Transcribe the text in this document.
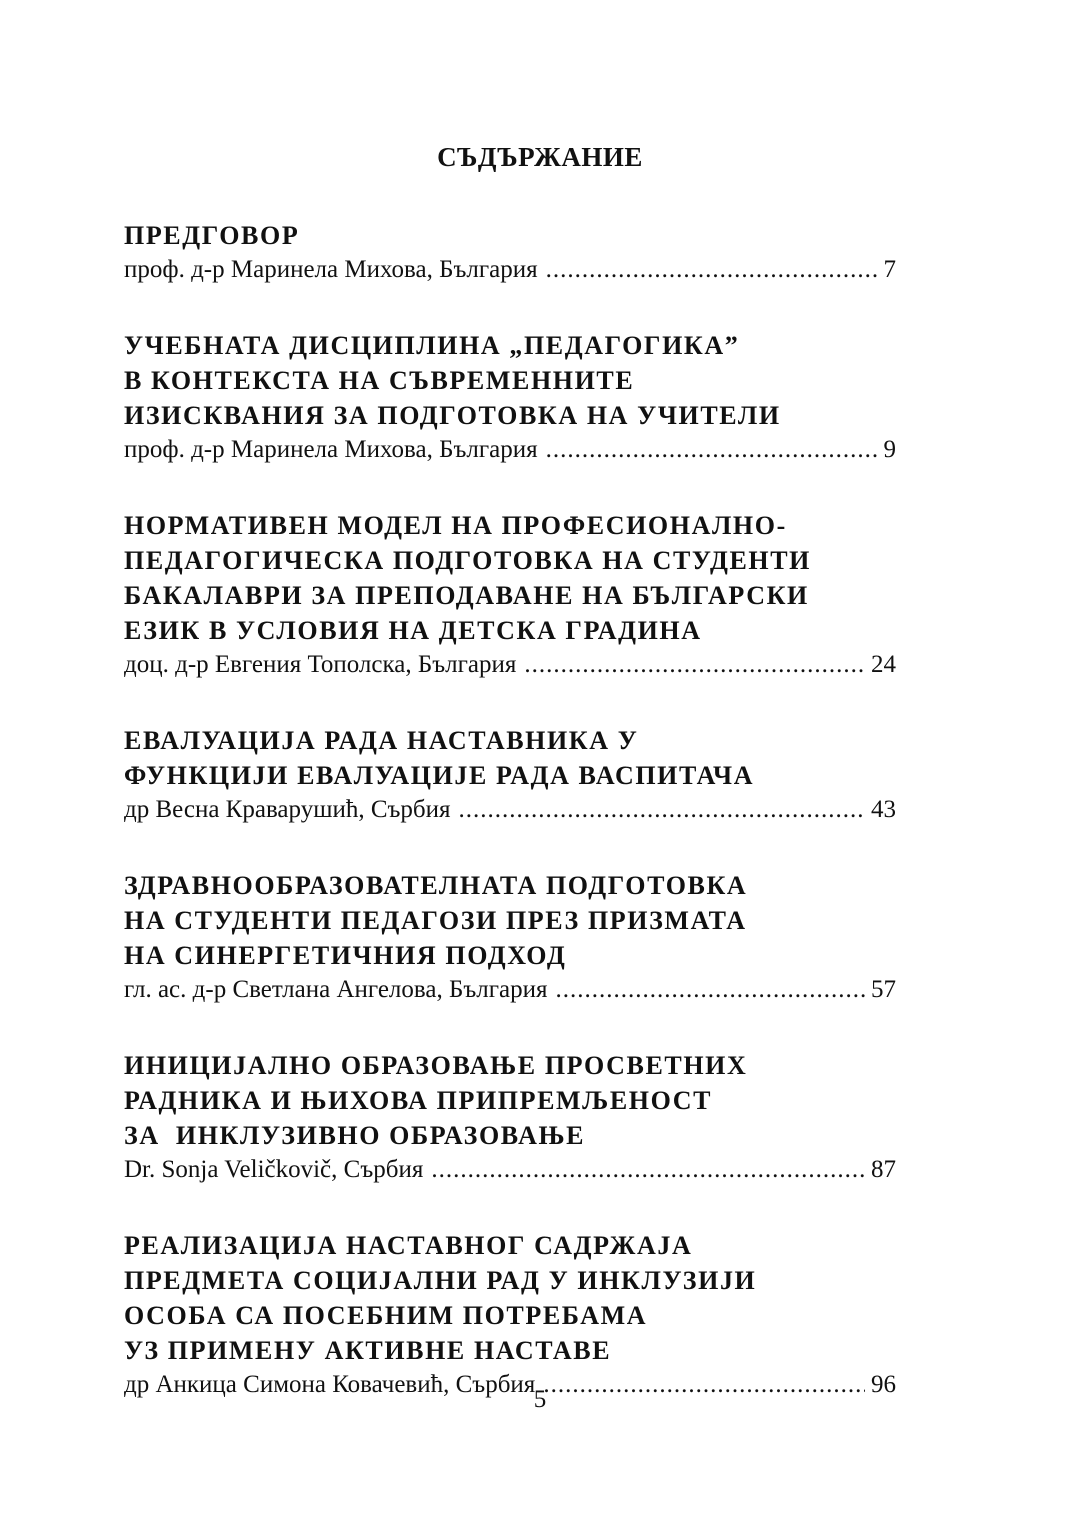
СЪДЪРЖАНИЕ
ПРЕДГОВОР
проф. д-р Маринела Михова, България .....	7
УЧЕБНАТА ДИСЦИПЛИНА „ПЕДАГОГИКА”
В КОНТЕКСТА НА СЪВРЕМЕННИТЕ
ИЗИСКВАНИЯ ЗА ПОДГОТОВКА НА УЧИТЕЛИ
проф. д-р Маринела Михова, България .....	9
НОРМАТИВЕН МОДЕЛ НА ПРОФЕСИОНАЛНО-
ПЕДАГОГИЧЕСКА ПОДГОТОВКА НА СТУДЕНТИ
БАКАЛАВРИ ЗА ПРЕПОДАВАНЕ НА БЪЛГАРСКИ
ЕЗИК В УСЛОВИЯ НА ДЕТСКА ГРАДИНА
доц. д-р Евгения Тополска, България .....	24
ЕВАЛУАЦИЈА РАДА НАСТАВНИКА У
ФУНКЦИЈИ ЕВАЛУАЦИЈЕ РАДА ВАСПИТАЧА
др Весна Краварушић, Сърбия .....	43
ЗДРАВНООБРАЗОВАТЕЛНАТА ПОДГОТОВКА
НА СТУДЕНТИ ПЕДАГОЗИ ПРЕЗ ПРИЗМАТА
НА СИНЕРГЕТИЧНИЯ ПОДХОД
гл. ас. д-р Светлана Ангелова, България .....	57
ИНИЦИЈАЛНО ОБРАЗОВАЊЕ ПРОСВЕТНИХ
РАДНИКА И ЊИХОВА ПРИПРЕМЉЕНОСТ
ЗА  ИНКЛУЗИВНО ОБРАЗОВАЊЕ
Dr. Sonja Veličkovič, Сърбия .....	87
РЕАЛИЗАЦИЈА НАСТАВНОГ САДРЖАЈА
ПРЕДМЕТА СОЦИЈАЛНИ РАД У ИНКЛУЗИЈИ
ОСОБА СА ПОСЕБНИМ ПОТРЕБАМА
УЗ ПРИМЕНУ АКТИВНЕ НАСТАВЕ
др Анкица Симона Ковачевић, Сърбия .....	96
5
